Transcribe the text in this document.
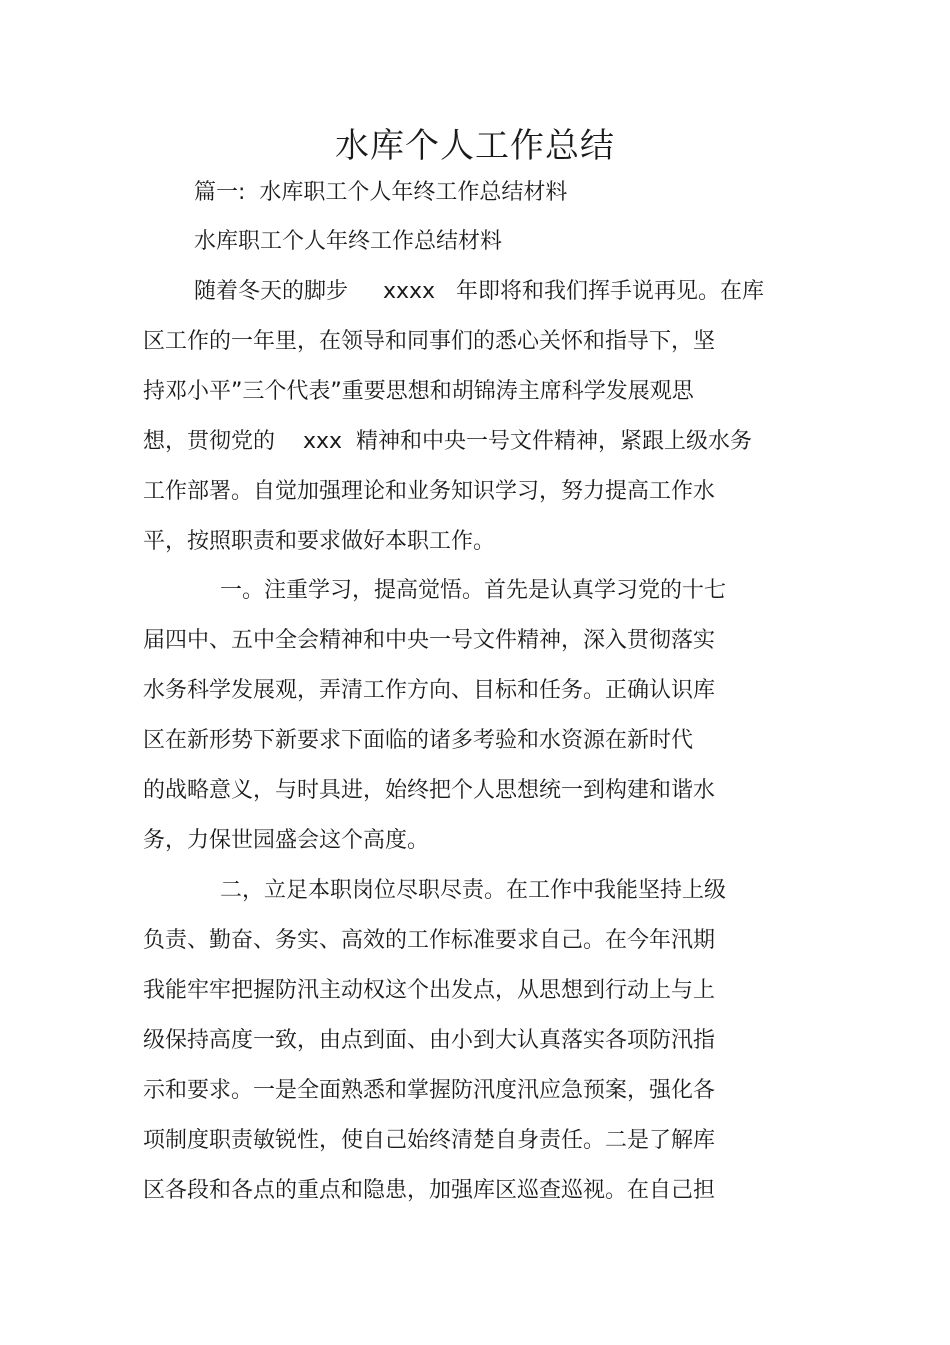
水库个人工作总结

篇一:  水库职工个人年终工作总结材料

水库职工个人年终工作总结材料

随着冬天的脚步     xxxx   年即将和我们挥手说再见。在库

区工作的一年里，在领导和同事们的悉心关怀和指导下，坚

持邓小平”三个代表”重要思想和胡锦涛主席科学发展观思

想，贯彻党的    xxx  精神和中央一号文件精神，紧跟上级水务

工作部署。自觉加强理论和业务知识学习，努力提高工作水

平，按照职责和要求做好本职工作。

一。注重学习，提高觉悟。首先是认真学习党的十七

届四中、五中全会精神和中央一号文件精神，深入贯彻落实

水务科学发展观，弄清工作方向、目标和任务。正确认识库

区在新形势下新要求下面临的诸多考验和水资源在新时代

的战略意义，与时具进，始终把个人思想统一到构建和谐水

务，力保世园盛会这个高度。

二，立足本职岗位尽职尽责。在工作中我能坚持上级

负责、勤奋、务实、高效的工作标准要求自己。在今年汛期

我能牢牢把握防汛主动权这个出发点，从思想到行动上与上

级保持高度一致，由点到面、由小到大认真落实各项防汛指

示和要求。一是全面熟悉和掌握防汛度汛应急预案，强化各

项制度职责敏锐性，使自己始终清楚自身责任。二是了解库

区各段和各点的重点和隐患，加强库区巡查巡视。在自己担
